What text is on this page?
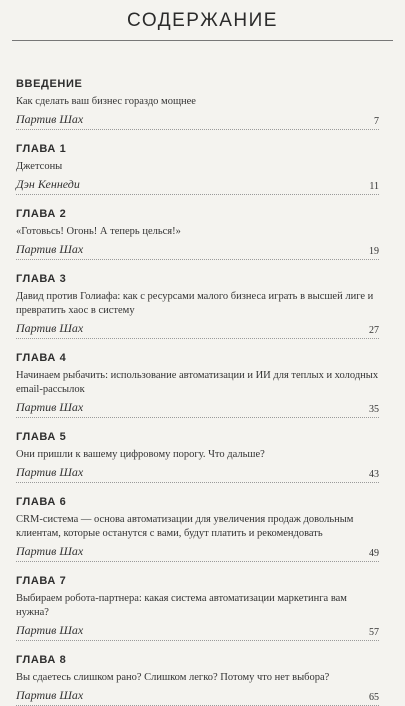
СОДЕРЖАНИЕ
ВВЕДЕНИЕ
Как сделать ваш бизнес гораздо мощнее
Партив Шах	7
ГЛАВА 1
Джетсоны
Дэн Кеннеди	11
ГЛАВА 2
«Готовьсь! Огонь! А теперь целься!»
Партив Шах	19
ГЛАВА 3
Давид против Голиафа: как с ресурсами малого бизнеса играть в высшей лиге и превратить хаос в систему
Партив Шах	27
ГЛАВА 4
Начинаем рыбачить: использование автоматизации и ИИ для теплых и холодных email-рассылок
Партив Шах	35
ГЛАВА 5
Они пришли к вашему цифровому порогу. Что дальше?
Партив Шах	43
ГЛАВА 6
CRM-система — основа автоматизации для увеличения продаж довольным клиентам, которые останутся с вами, будут платить и рекомендовать
Партив Шах	49
ГЛАВА 7
Выбираем робота-партнера: какая система автоматизации маркетинга вам нужна?
Партив Шах	57
ГЛАВА 8
Вы сдаетесь слишком рано? Слишком легко? Потому что нет выбора?
Партив Шах	65
